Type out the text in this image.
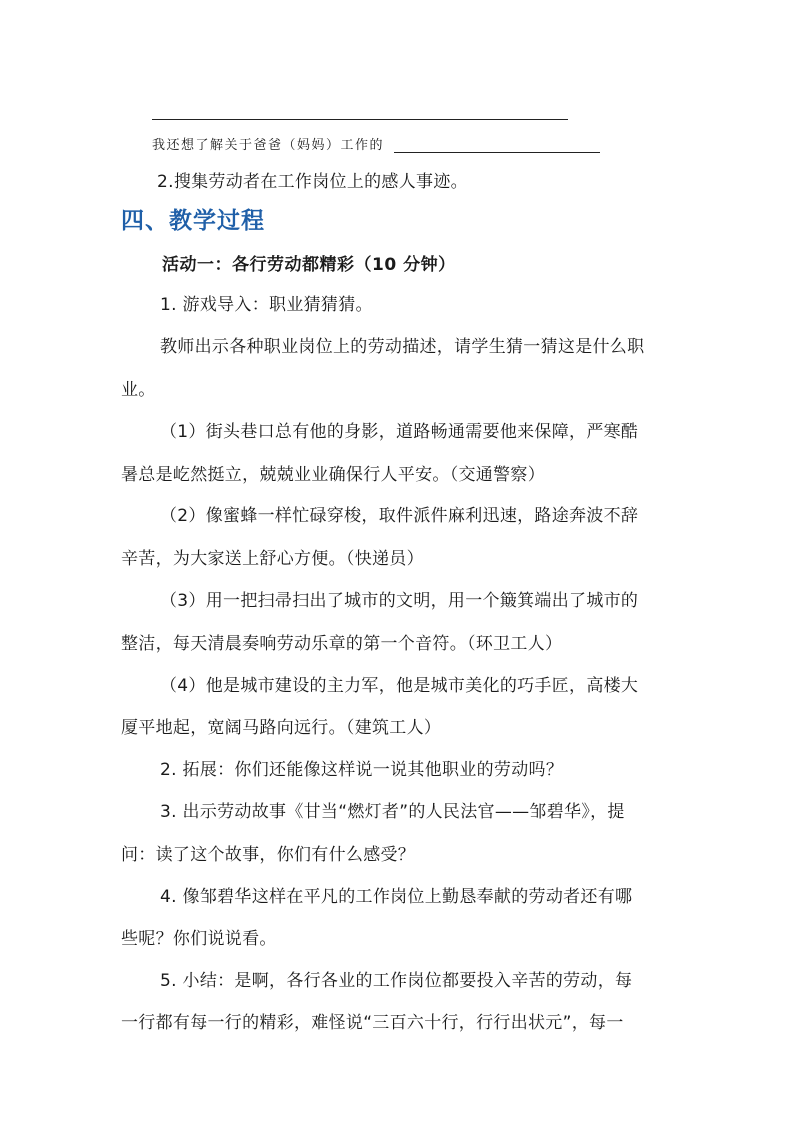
我还想了解关于爸爸（妈妈）工作的
2.搜集劳动者在工作岗位上的感人事迹。
四、教学过程
活动一：各行劳动都精彩（10 分钟）
1. 游戏导入：职业猜猜猜。
教师出示各种职业岗位上的劳动描述，请学生猜一猜这是什么职
业。
（1）街头巷口总有他的身影，道路畅通需要他来保障，严寒酷
暑总是屹然挺立，兢兢业业确保行人平安。（交通警察）
（2）像蜜蜂一样忙碌穿梭，取件派件麻利迅速，路途奔波不辞
辛苦，为大家送上舒心方便。（快递员）
（3）用一把扫帚扫出了城市的文明，用一个簸箕端出了城市的
整洁，每天清晨奏响劳动乐章的第一个音符。（环卫工人）
（4）他是城市建设的主力军，他是城市美化的巧手匠，高楼大
厦平地起，宽阔马路向远行。（建筑工人）
2. 拓展：你们还能像这样说一说其他职业的劳动吗？
3. 出示劳动故事《甘当“燃灯者”的人民法官——邹碧华》，提
问：读了这个故事，你们有什么感受？
4. 像邹碧华这样在平凡的工作岗位上勤恳奉献的劳动者还有哪
些呢？你们说说看。
5. 小结：是啊，各行各业的工作岗位都要投入辛苦的劳动，每
一行都有每一行的精彩，难怪说“三百六十行，行行出状元”，每一
